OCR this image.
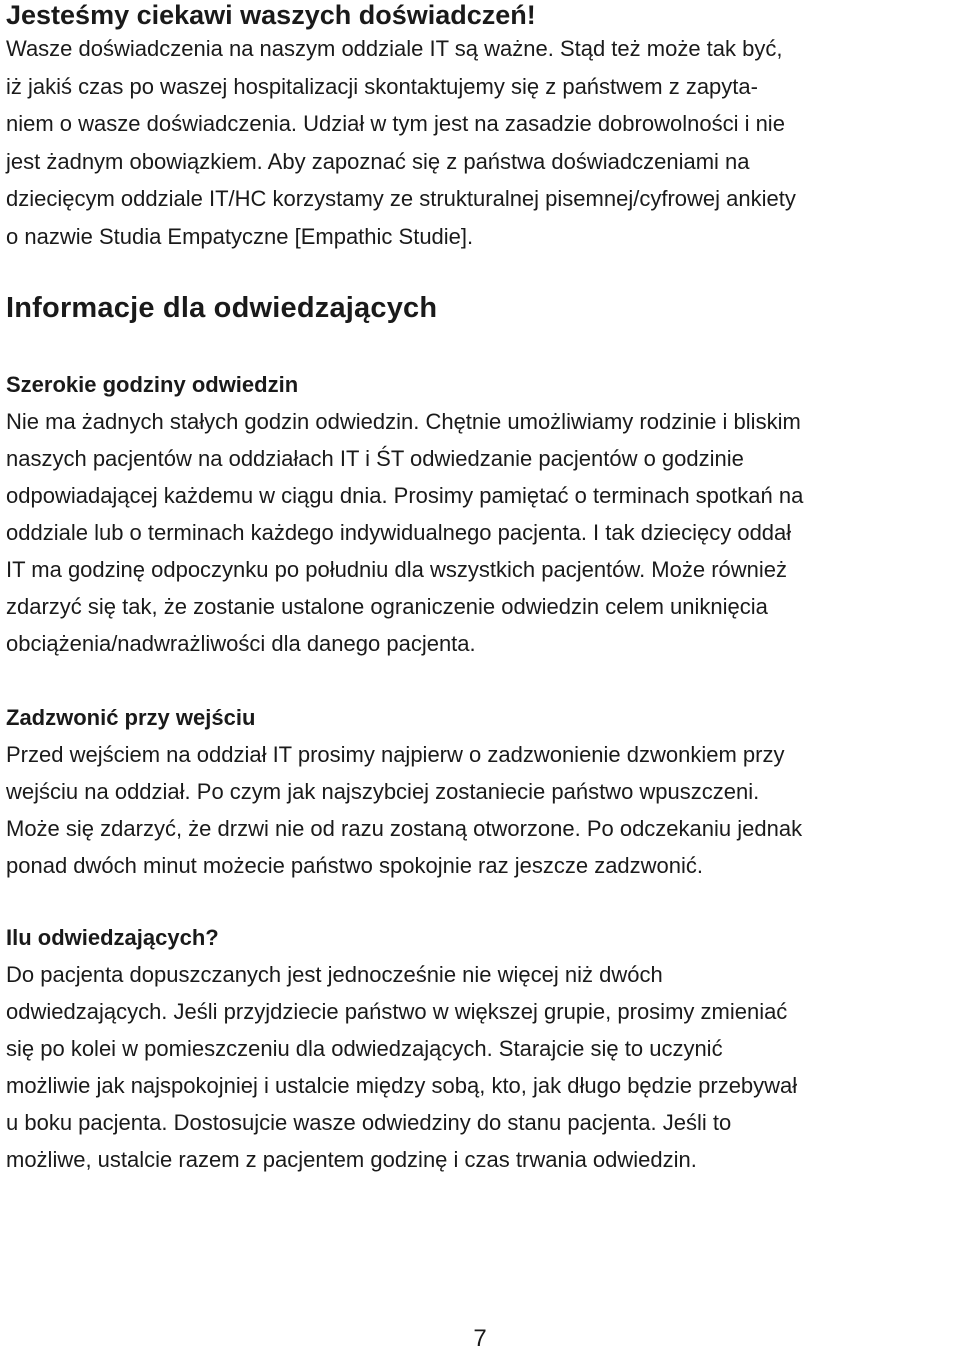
Jesteśmy ciekawi waszych doświadczeń!

Wasze doświadczenia na naszym oddziale IT są ważne. Stąd też może tak być,
iż jakiś czas po waszej hospitalizacji skontaktujemy się z państwem z zapyta-
niem o wasze doświadczenia. Udział w tym jest na zasadzie dobrowolności i nie
jest żadnym obowiązkiem. Aby zapoznać się z państwa doświadczeniami na
dziecięcym oddziale IT/HC korzystamy ze strukturalnej pisemnej/cyfrowej ankiety
o nazwie Studia Empatyczne [Empathic Studie].

Informacje dla odwiedzających
Szerokie godziny odwiedzin

Nie ma żadnych stałych godzin odwiedzin. Chętnie umożliwiamy rodzinie i bliskim
naszych pacjentów na oddziałach IT i ŚT odwiedzanie pacjentów o godzinie
odpowiadającej każdemu w ciągu dnia. Prosimy pamiętać o terminach spotkań na
oddziale lub o terminach każdego indywidualnego pacjenta. I tak dziecięcy oddał
IT ma godzinę odpoczynku po południu dla wszystkich pacjentów. Może również
zdarzyć się tak, że zostanie ustalone ograniczenie odwiedzin celem uniknięcia
obciążenia/nadwrażliwości dla danego pacjenta.

Zadzwonić przy wejściu

Przed wejściem na oddział IT prosimy najpierw o zadzwonienie dzwonkiem przy
wejściu na oddział. Po czym jak najszybciej zostaniecie państwo wpuszczeni.
Może się zdarzyć, że drzwi nie od razu zostaną otworzone. Po odczekaniu jednak
ponad dwóch minut możecie państwo spokojnie raz jeszcze zadzwonić.

Ilu odwiedzających?

Do pacjenta dopuszczanych jest jednocześnie nie więcej niż dwóch
odwiedzających. Jeśli przyjdziecie państwo w większej grupie, prosimy zmieniać
się po kolei w pomieszczeniu dla odwiedzających. Starajcie się to uczynić
możliwie jak najspokojniej i ustalcie między sobą, kto, jak długo będzie przebywał
u boku pacjenta. Dostosujcie wasze odwiedziny do stanu pacjenta. Jeśli to
możliwe, ustalcie razem z pacjentem godzinę i czas trwania odwiedzin.

7
